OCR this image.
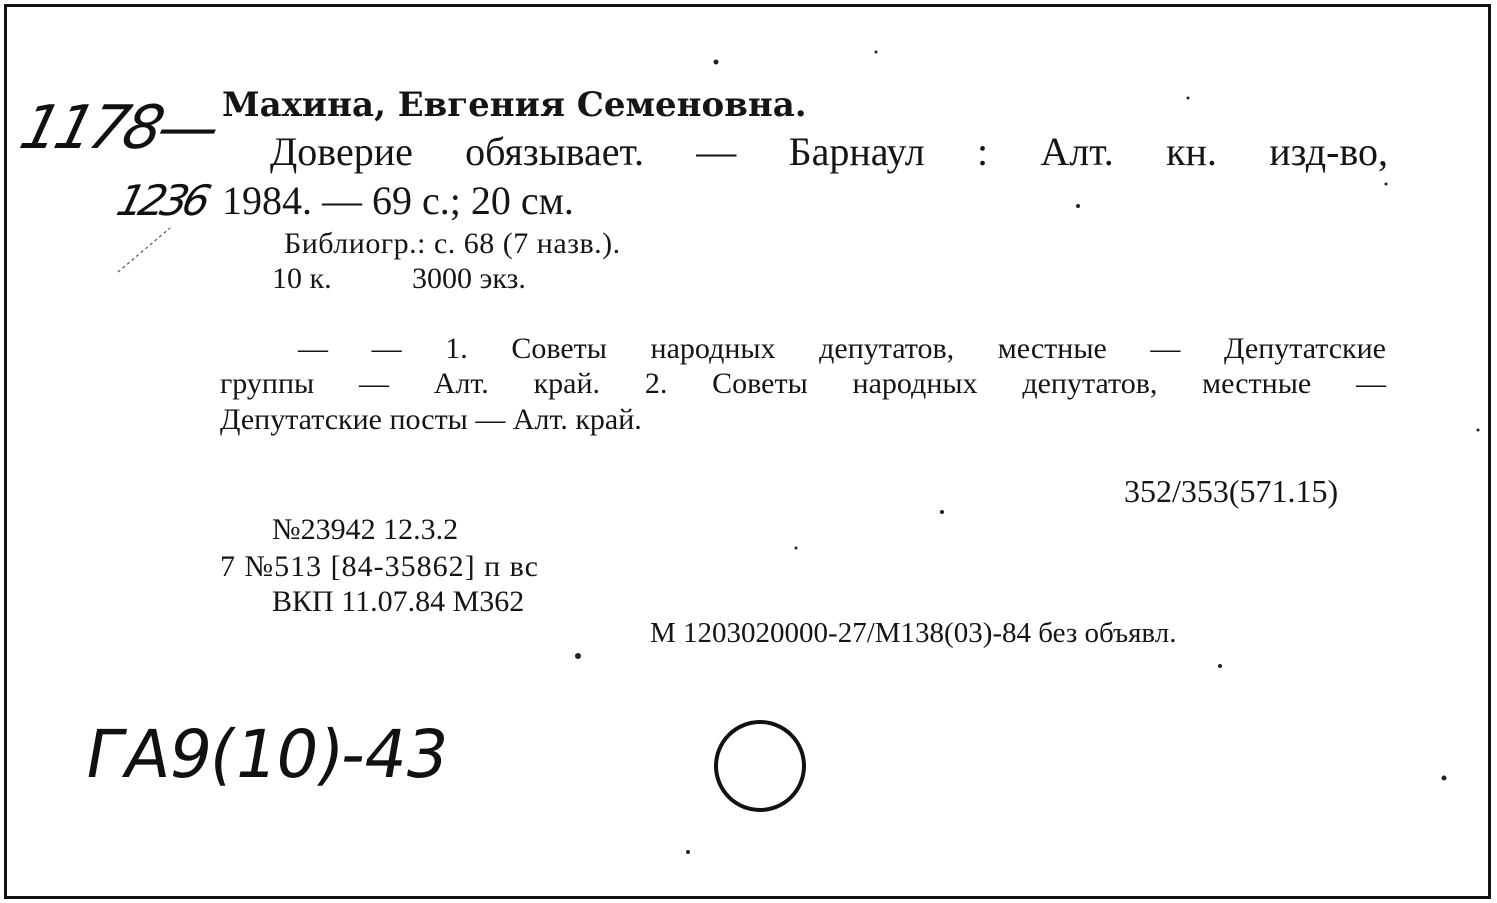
Махина, Евгения Семеновна.
Доверие обязывает. — Барнаул : Алт. кн. изд-во,
1984. — 69 с.; 20 см.
Библиогр.: с. 68 (7 назв.).
10 к.	3000 экз.
— — 1. Советы народных депутатов, местные — Депутатские
группы — Алт. край. 2. Советы народных депутатов, местные —
Депутатские посты — Алт. край.
352/353(571.15)
№23942 12.3.2
7 №513 [84-35862] п вс
ВКП 11.07.84 М362
М 1203020000-27/М138(03)-84 без объявл.
1178—
1236
ГА9(10)-43
